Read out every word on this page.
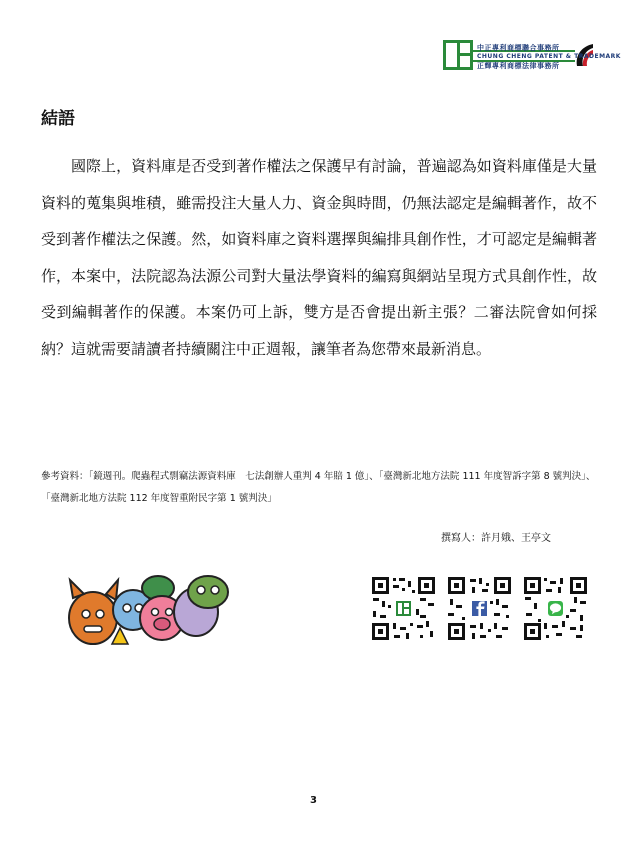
中正專利商標聯合事務所
CHUNG CHENG PATENT & TRADEMARK
正輝專利商標法律事務所
結語

國際上，資料庫是否受到著作權法之保護早有討論，普遍認為如資料庫僅是大量資料的蒐集與堆積，雖需投注大量人力、資金與時間，仍無法認定是編輯著作，故不受到著作權法之保護。然，如資料庫之資料選擇與編排具創作性，才可認定是編輯著作，本案中，法院認為法源公司對大量法學資料的編寫與網站呈現方式具創作性，故受到編輯著作的保護。本案仍可上訴，雙方是否會提出新主張？二審法院會如何採納？這就需要請讀者持續關注中正週報，讓筆者為您帶來最新消息。

參考資料：「鏡週刊。爬蟲程式剽竊法源資料庫　七法創辦人重判 4 年賠 1 億」、「臺灣新北地方法院 111 年度智訴字第 8 號判決」、「臺灣新北地方法院 112 年度智重附民字第 1 號判決」
撰寫人：許月娥、王亭文
3
